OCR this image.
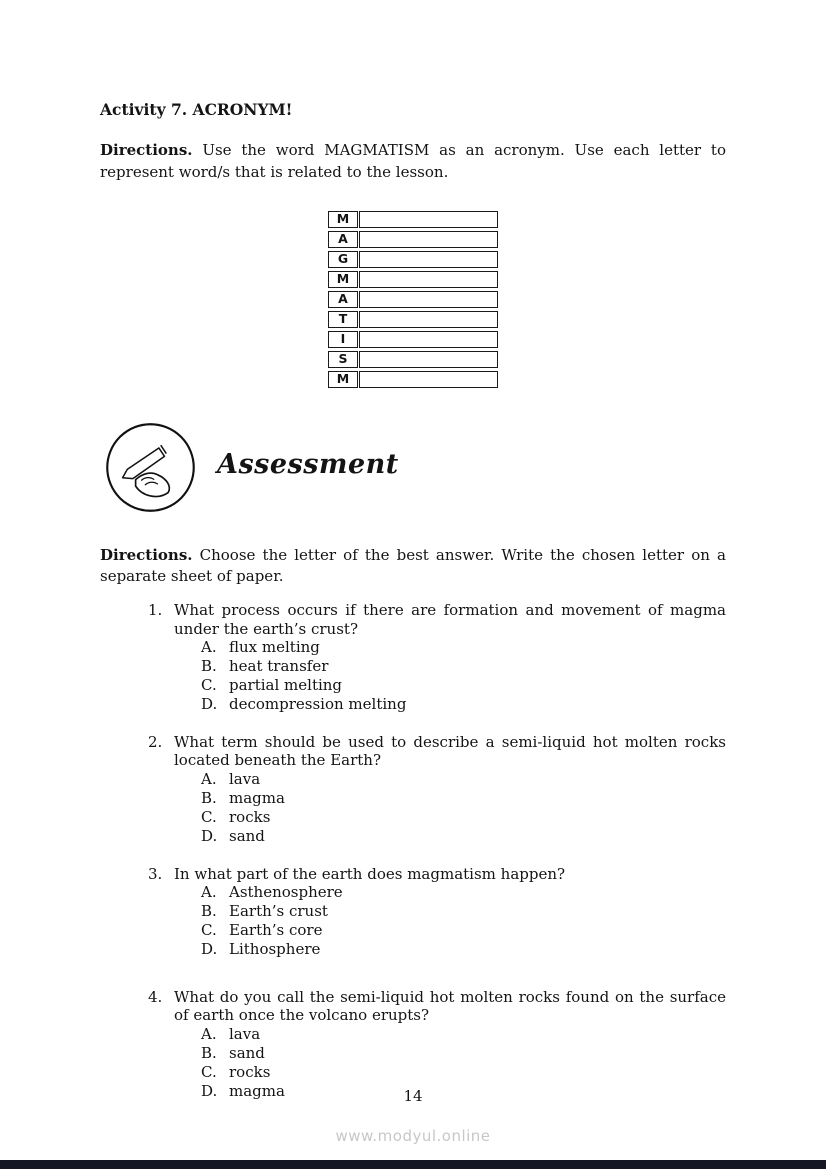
Activity 7. ACRONYM!

Directions. Use the word MAGMATISM as an acronym. Use each letter to represent word/s that is related to the lesson.

M
A
G
M
A
T
I
S
M
Assessment

Directions. Choose the letter of the best answer. Write the chosen letter on a separate sheet of paper.

1. What process occurs if there are formation and movement of magma under the earth’s crust?

A. flux melting
B. heat transfer
C. partial melting
D. decompression melting
2. What term should be used to describe a semi-liquid hot molten rocks located beneath the Earth?

A. lava
B. magma
C. rocks
D. sand
3. In what part of the earth does magmatism happen?

A. Asthenosphere
B. Earth’s crust
C. Earth’s core
D. Lithosphere
4. What do you call the semi-liquid hot molten rocks found on the surface of earth once the volcano erupts?

A. lava
B. sand
C. rocks
D. magma	14
www.modyul.online
